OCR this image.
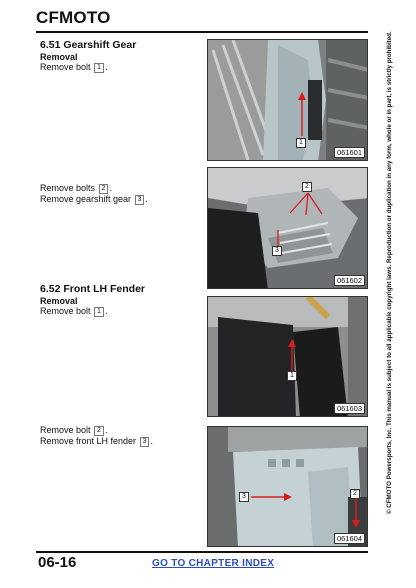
CFMOTO
6.51 Gearshift Gear
Removal
Remove bolt 1 .
Remove bolts 2 .
Remove gearshift gear 3 .
6.52 Front LH Fender
Removal
Remove bolt 1 .
Remove bolt 2 .
Remove front LH fender 3 .
1
061601
2
3
061602
1
061603
3	2
061604
06-16	GO TO CHAPTER INDEX
© CFMOTO Powersports, Inc. This manual is subject to all applicable copyright laws. Reproduction or duplication in any form, whole or in part, is strictly prohibited.
